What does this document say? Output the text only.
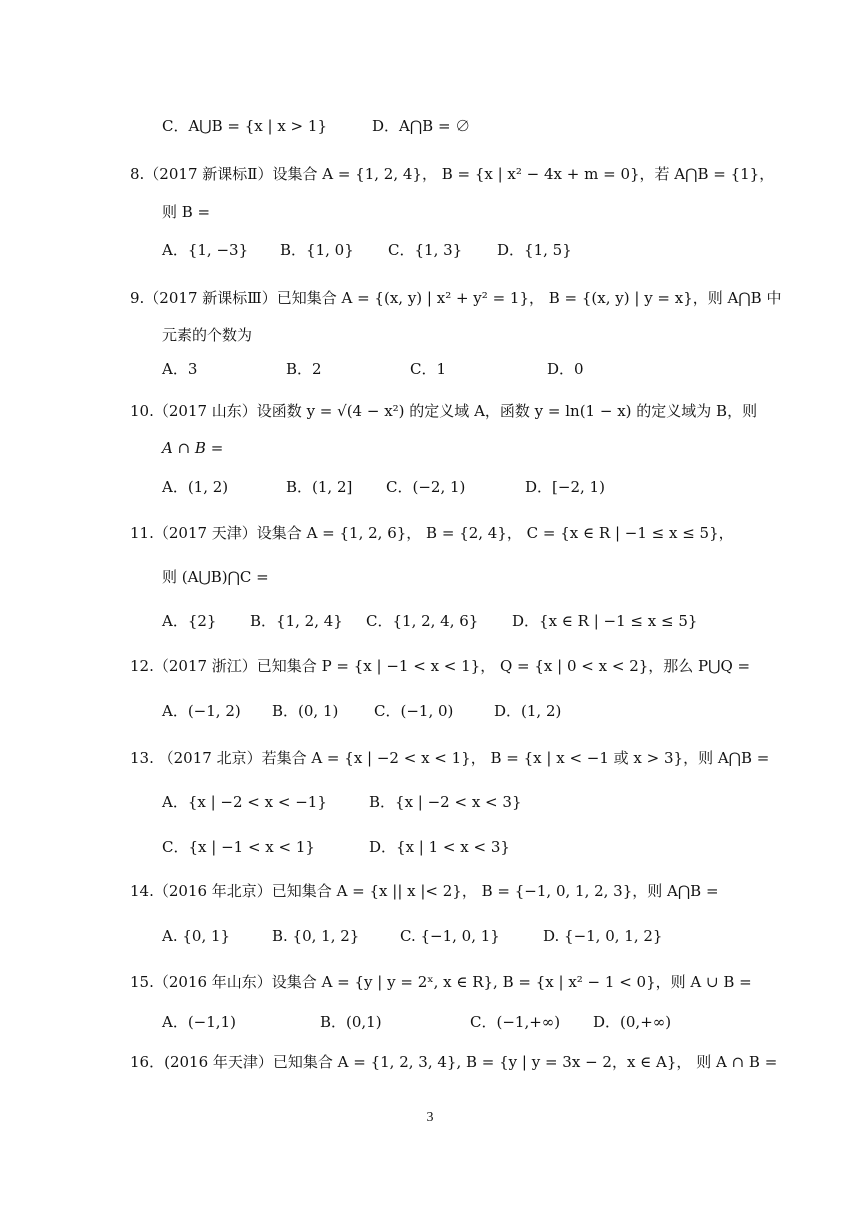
C．A⋃B = {x | x > 1}	D．A⋂B = ∅
8.（2017 新课标Ⅱ）设集合 A = {1, 2, 4}， B = {x | x² − 4x + m = 0}，若 A⋂B = {1}，
则 B =
A．{1, −3} B．{1, 0} C．{1, 3} D．{1, 5}
9.（2017 新课标Ⅲ）已知集合 A = {(x, y) | x² + y² = 1}， B = {(x, y) | y = x}，则 A⋂B 中
元素的个数为
A．3	B．2	C．1	D．0
10.（2017 山东）设函数 y = √(4 − x²) 的定义域 A，函数 y = ln(1 − x) 的定义域为 B，则
A ∩ B =
A．(1, 2)	B．(1, 2] C．(−2, 1)	D．[−2, 1)
11.（2017 天津）设集合 A = {1, 2, 6}， B = {2, 4}， C = {x ∈ R | −1 ≤ x ≤ 5}，
则 (A⋃B)⋂C =
A．{2} B．{1, 2, 4} C．{1, 2, 4, 6} D．{x ∈ R | −1 ≤ x ≤ 5}
12.（2017 浙江）已知集合 P = {x | −1 < x < 1}， Q = {x | 0 < x < 2}，那么 P⋃Q =
A．(−1, 2) B．(0, 1) C．(−1, 0)	D．(1, 2)
13. （2017 北京）若集合 A = {x | −2 < x < 1}， B = {x | x < −1 或 x > 3}，则 A⋂B =
A．{x | −2 < x < −1}	B．{x | −2 < x < 3}
C．{x | −1 < x < 1}	D．{x | 1 < x < 3}
14.（2016 年北京）已知集合 A = {x || x |< 2}， B = {−1, 0, 1, 2, 3}，则 A⋂B =
A. {0, 1}	B. {0, 1, 2}	C. {−1, 0, 1}	D. {−1, 0, 1, 2}
15.（2016 年山东）设集合 A = {y | y = 2ˣ, x ∈ R}, B = {x | x² − 1 < 0}，则 A ∪ B =
A．(−1,1)	B．(0,1)	C．(−1,+∞) D．(0,+∞)
16．(2016 年天津）已知集合 A = {1, 2, 3, 4}, B = {y | y = 3x − 2，x ∈ A}， 则 A ∩ B =
3
